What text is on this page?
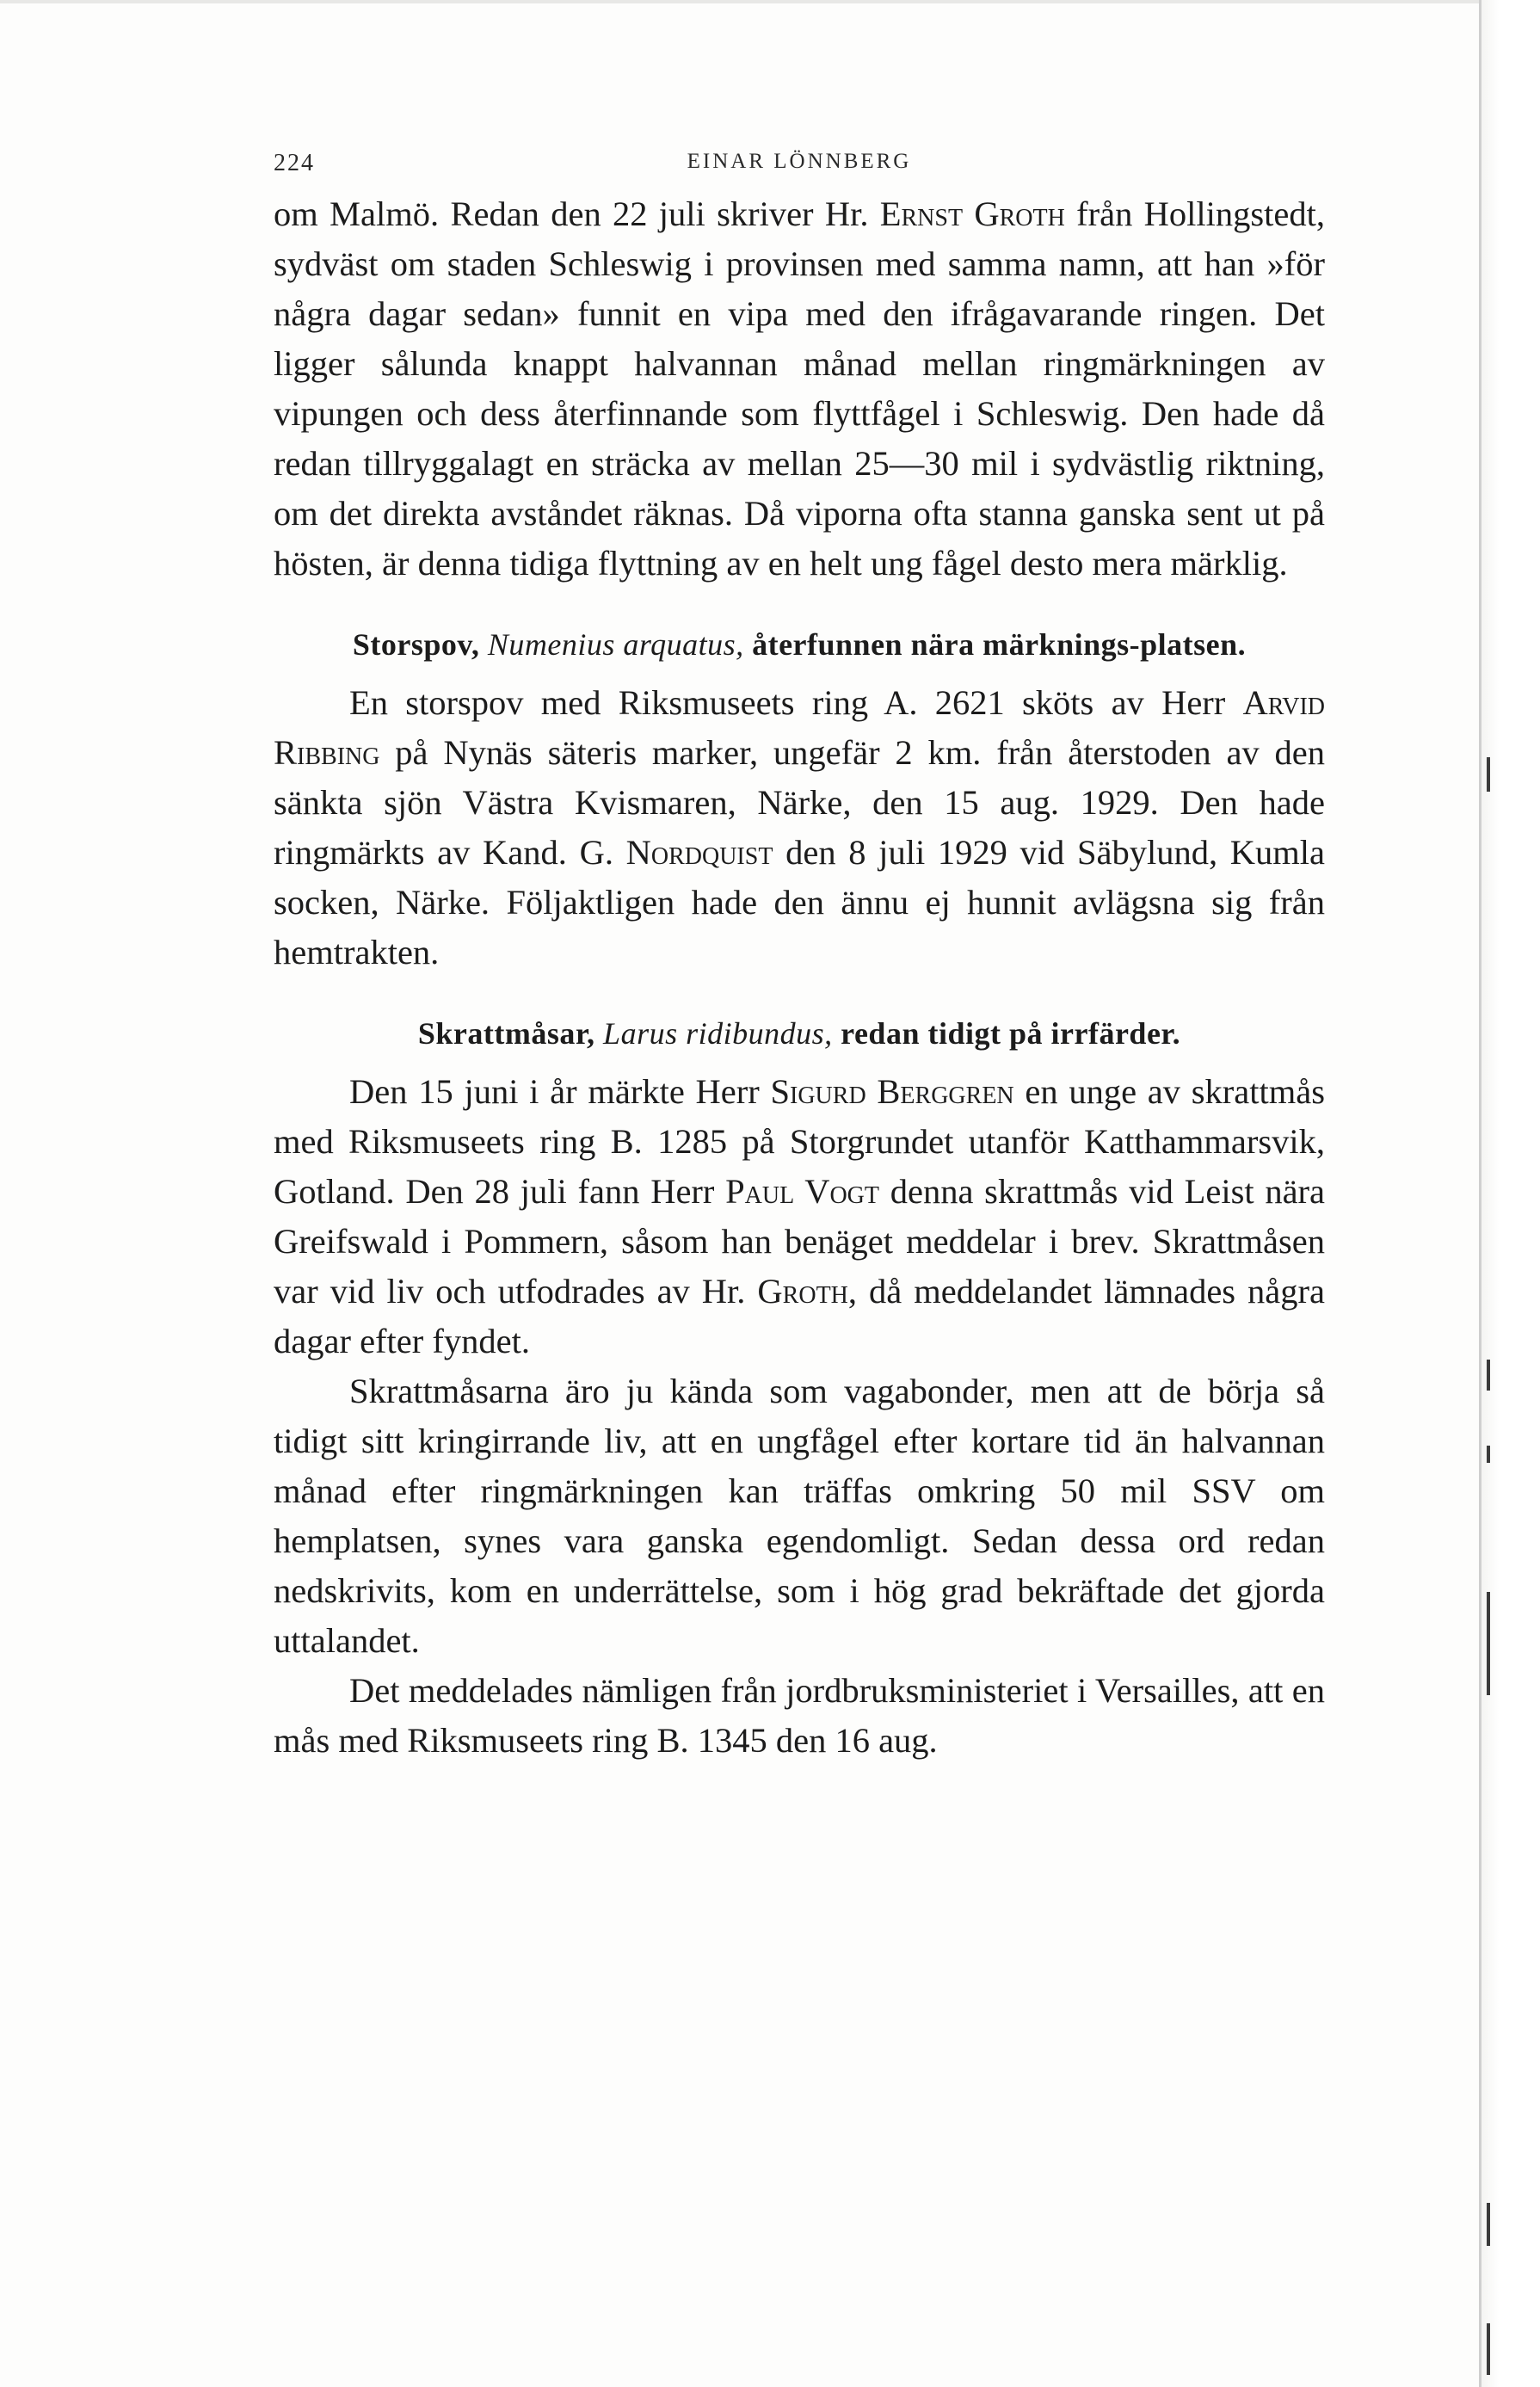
224	EINAR LÖNNBERG

om Malmö. Redan den 22 juli skriver Hr. Ernst Groth från Hollingstedt, sydväst om staden Schleswig i provinsen med samma namn, att han »för några dagar sedan» funnit en vipa med den ifrågavarande ringen. Det ligger sålunda knappt halvannan månad mellan ringmärkningen av vipungen och dess återfinnande som flyttfågel i Schleswig. Den hade då redan tillryggalagt en sträcka av mellan 25—30 mil i sydvästlig riktning, om det direkta avståndet räknas. Då viporna ofta stanna ganska sent ut på hösten, är denna tidiga flyttning av en helt ung fågel desto mera märklig.

Storspov, Numenius arquatus, återfunnen nära märknings-platsen.

En storspov med Riksmuseets ring A. 2621 sköts av Herr Arvid Ribbing på Nynäs säteris marker, ungefär 2 km. från återstoden av den sänkta sjön Västra Kvismaren, Närke, den 15 aug. 1929. Den hade ringmärkts av Kand. G. Nordquist den 8 juli 1929 vid Säbylund, Kumla socken, Närke. Följaktligen hade den ännu ej hunnit avlägsna sig från hemtrakten.

Skrattmåsar, Larus ridibundus, redan tidigt på irrfärder.

Den 15 juni i år märkte Herr Sigurd Berggren en unge av skrattmås med Riksmuseets ring B. 1285 på Storgrundet utanför Katthammarsvik, Gotland. Den 28 juli fann Herr Paul Vogt denna skrattmås vid Leist nära Greifswald i Pommern, såsom han benäget meddelar i brev. Skrattmåsen var vid liv och utfodrades av Hr. Groth, då meddelandet lämnades några dagar efter fyndet.

Skrattmåsarna äro ju kända som vagabonder, men att de börja så tidigt sitt kringirrande liv, att en ungfågel efter kortare tid än halvannan månad efter ringmärkningen kan träffas omkring 50 mil SSV om hemplatsen, synes vara ganska egendomligt. Sedan dessa ord redan nedskrivits, kom en underrättelse, som i hög grad bekräftade det gjorda uttalandet.

Det meddelades nämligen från jordbruksministeriet i Versailles, att en mås med Riksmuseets ring B. 1345 den 16 aug.
